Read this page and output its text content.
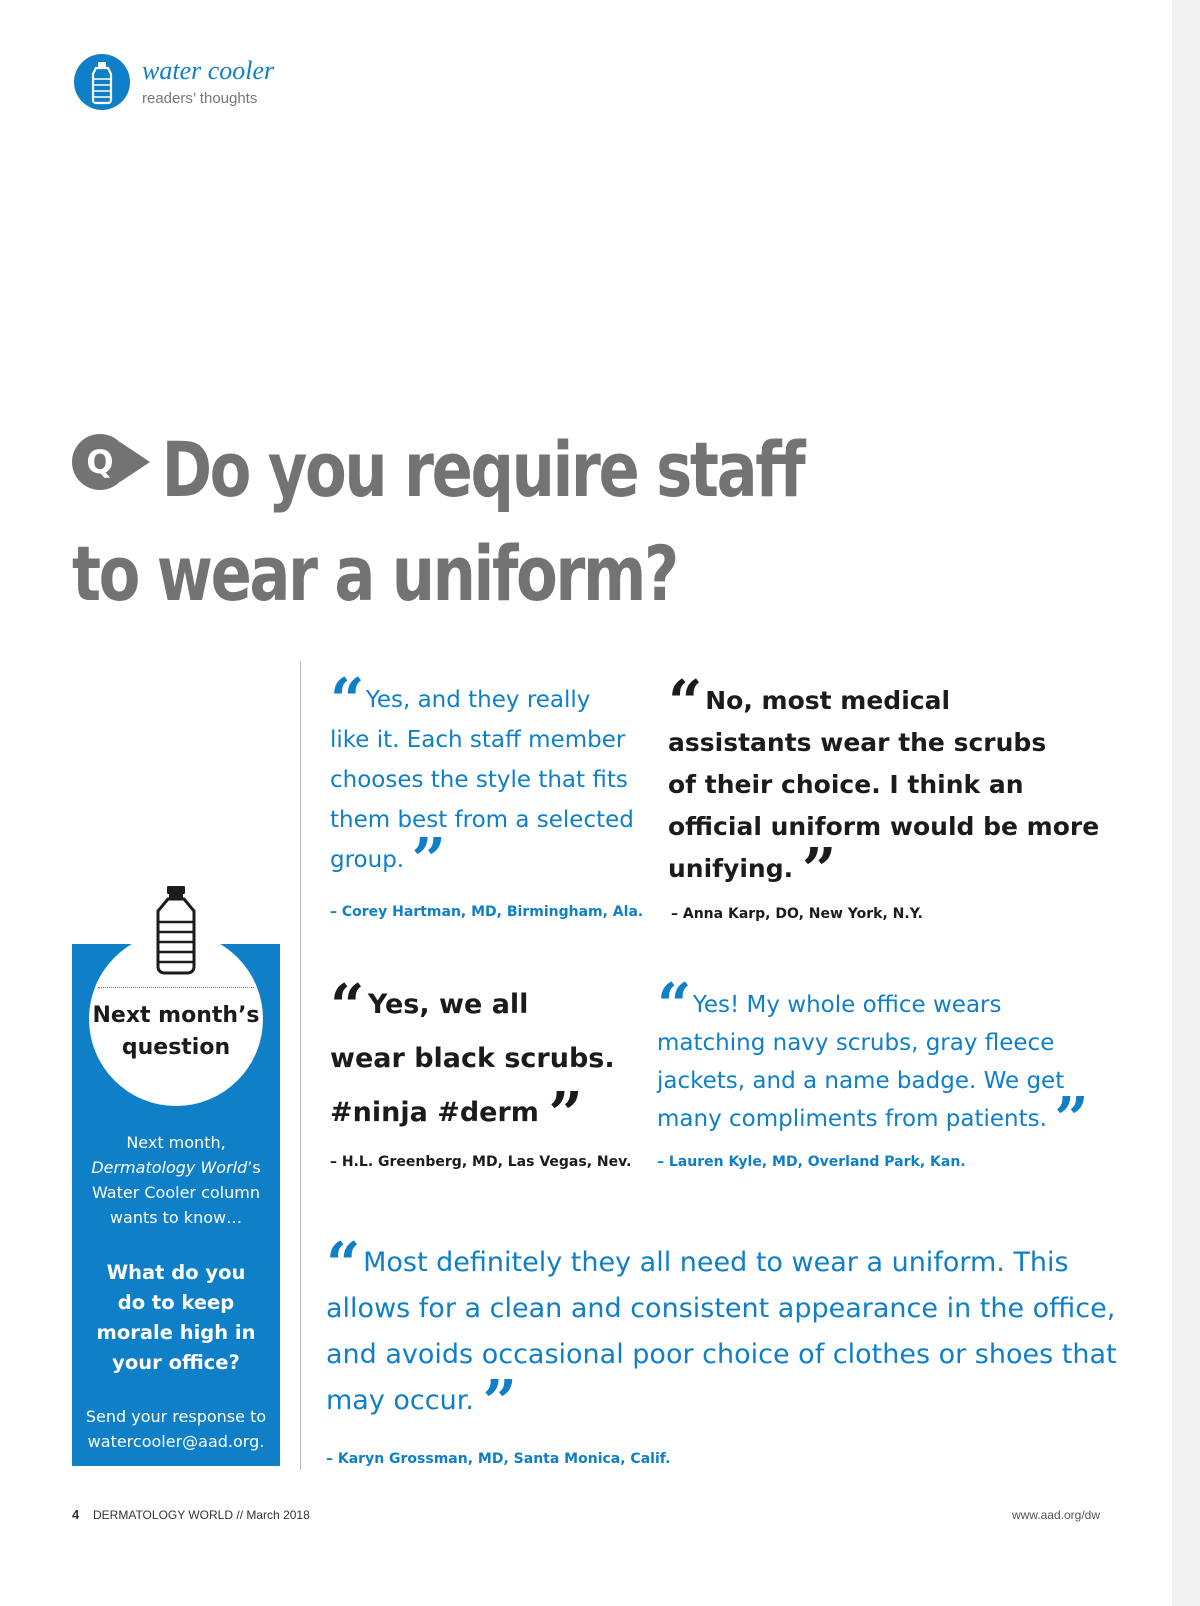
water cooler
readers’ thoughts
Q Do you require staff
to wear a uniform?
“ Yes, and they really
like it. Each staff member
chooses the style that fits
them best from a selected
group. ”
– Corey Hartman, MD, Birmingham, Ala.
“ No, most medical
assistants wear the scrubs
of their choice. I think an
official uniform would be more
unifying. ”
– Anna Karp, DO, New York, N.Y.
“ Yes, we all
wear black scrubs.
#ninja #derm ”
– H.L. Greenberg, MD, Las Vegas, Nev.
“ Yes! My whole office wears
matching navy scrubs, gray fleece
jackets, and a name badge. We get
many compliments from patients. ”
– Lauren Kyle, MD, Overland Park, Kan.
“ Most definitely they all need to wear a uniform. This
allows for a clean and consistent appearance in the office,
and avoids occasional poor choice of clothes or shoes that
may occur. ”
– Karyn Grossman, MD, Santa Monica, Calif.
Next month’s
question
Next month, Dermatology World’s Water Cooler column wants to know…
What do you
do to keep
morale high in
your office?
Send your response to
watercooler@aad.org.
4 DERMATOLOGY WORLD // March 2018	www.aad.org/dw
